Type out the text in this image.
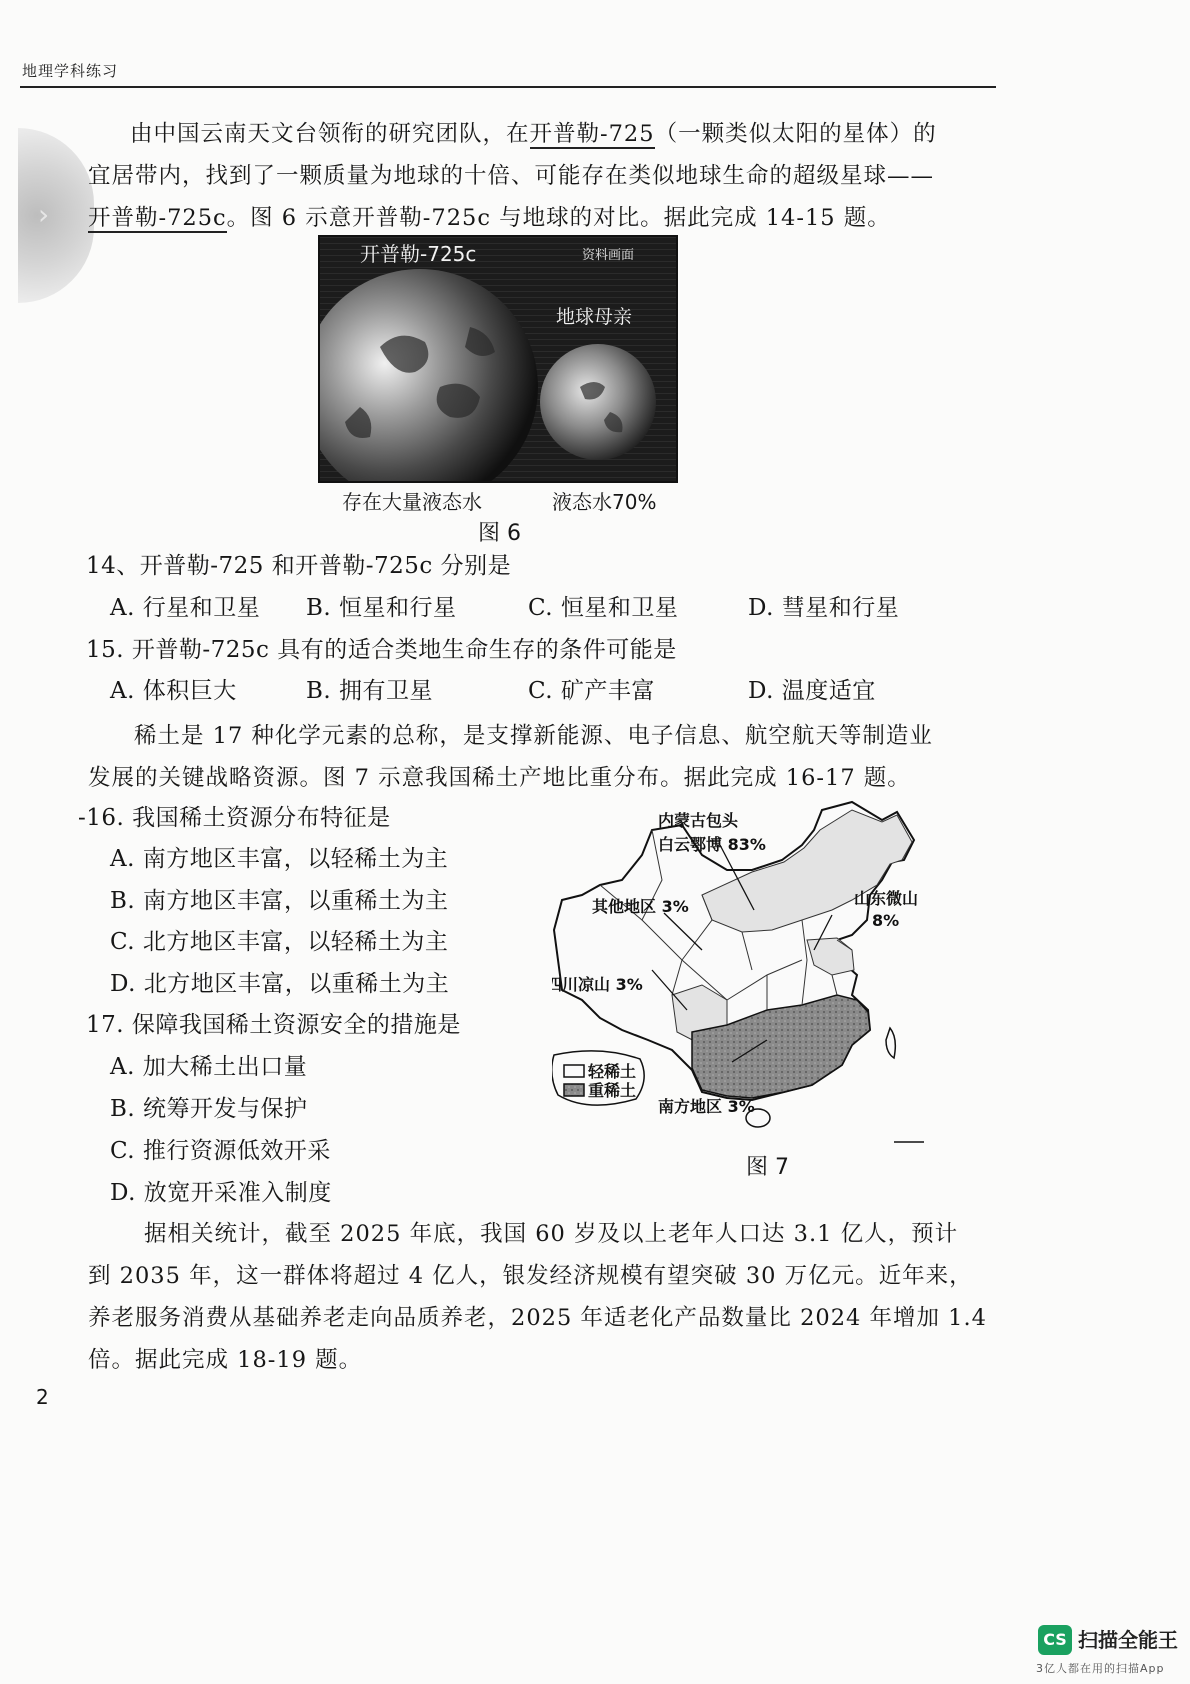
地理学科练习
›
由中国云南天文台领衔的研究团队，在开普勒-725（一颗类似太阳的星体）的
宜居带内，找到了一颗质量为地球的十倍、可能存在类似地球生命的超级星球——
开普勒-725c。图 6 示意开普勒-725c 与地球的对比。据此完成 14-15 题。
开普勒-725c	资料画面
地球母亲
存在大量液态水	液态水70%
图 6
14、开普勒-725 和开普勒-725c 分别是
A. 行星和卫星 B. 恒星和行星	C. 恒星和卫星	D. 彗星和行星
15. 开普勒-725c 具有的适合类地生命生存的条件可能是
A. 体积巨大	B. 拥有卫星	C. 矿产丰富	D. 温度适宜
稀土是 17 种化学元素的总称，是支撑新能源、电子信息、航空航天等制造业
发展的关键战略资源。图 7 示意我国稀土产地比重分布。据此完成 16-17 题。
-16. 我国稀土资源分布特征是
A. 南方地区丰富，以轻稀土为主
B. 南方地区丰富，以重稀土为主
C. 北方地区丰富，以轻稀土为主
D. 北方地区丰富，以重稀土为主
17. 保障我国稀土资源安全的措施是
A. 加大稀土出口量
B. 统筹开发与保护
C. 推行资源低效开采
D. 放宽开采准入制度
内蒙古包头
白云鄂博 83%
山东微山
8%
其他地区 3%
四川凉山 3%
南方地区 3%
轻稀土
重稀土
图 7
据相关统计，截至 2025 年底，我国 60 岁及以上老年人口达 3.1 亿人，预计
到 2035 年，这一群体将超过 4 亿人，银发经济规模有望突破 30 万亿元。近年来，
养老服务消费从基础养老走向品质养老，2025 年适老化产品数量比 2024 年增加 1.4
倍。据此完成 18-19 题。
2
CS 扫描全能王
3亿人都在用的扫描App
